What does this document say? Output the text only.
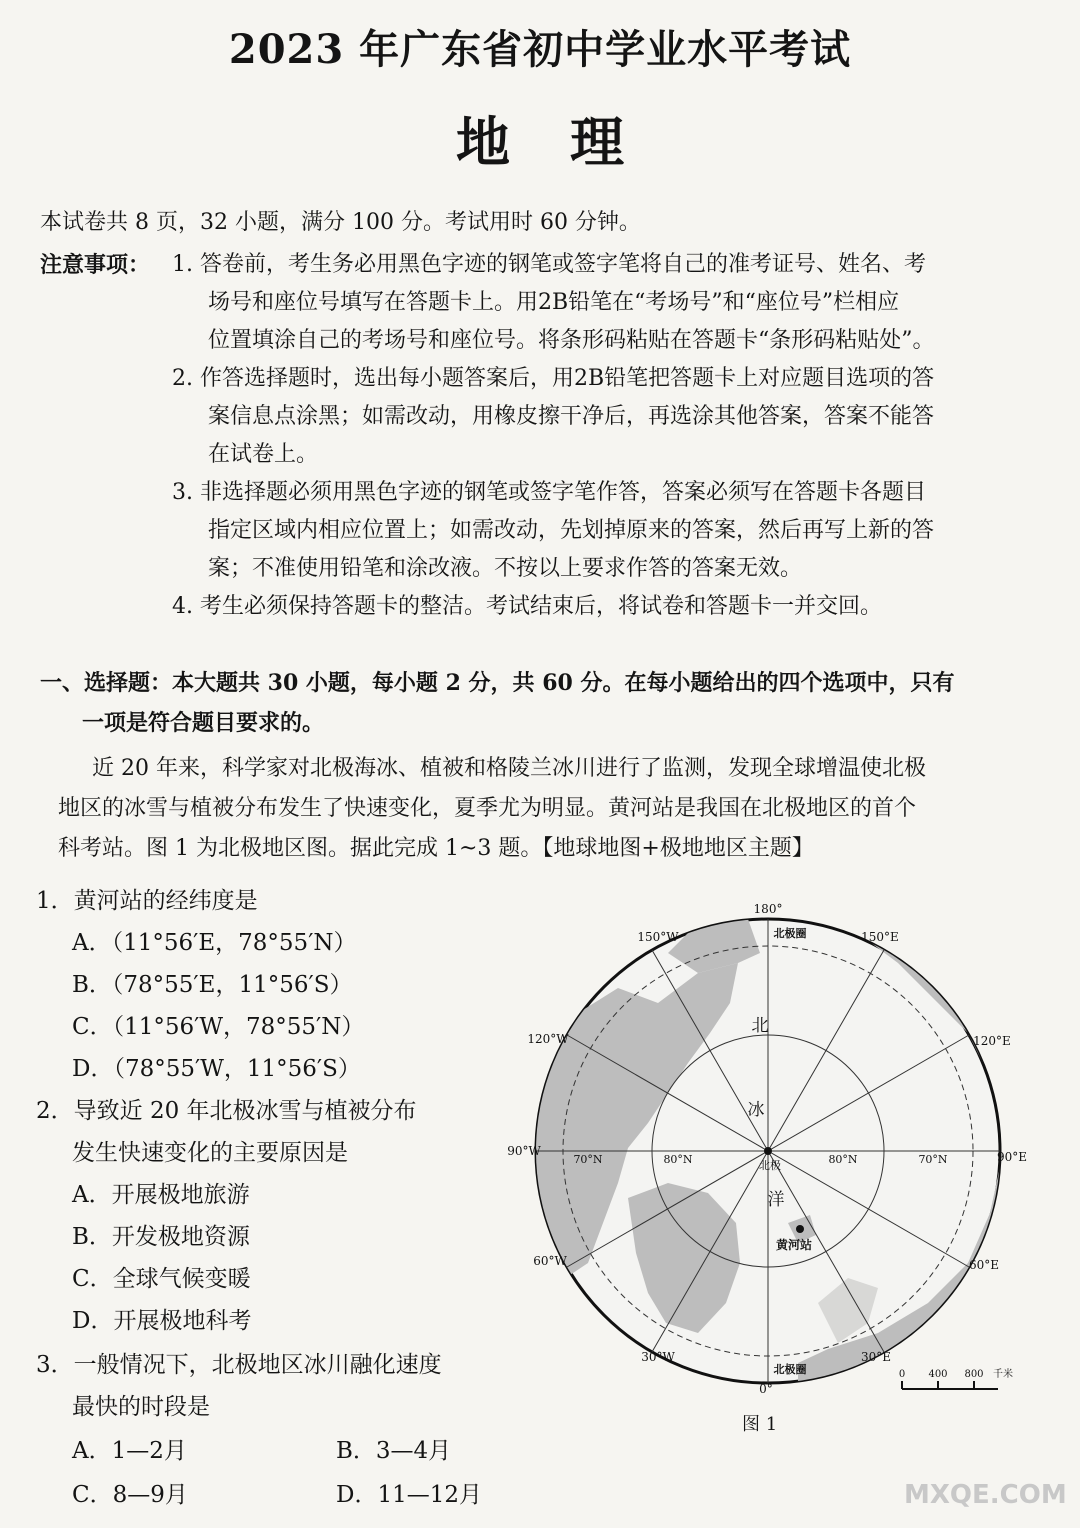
2023 年广东省初中学业水平考试
地理
本试卷共 8 页，32 小题，满分 100 分。考试用时 60 分钟。
注意事项： 1. 答卷前，考生务必用黑色字迹的钢笔或签字笔将自己的准考证号、姓名、考
场号和座位号填写在答题卡上。用2B铅笔在“考场号”和“座位号”栏相应
位置填涂自己的考场号和座位号。将条形码粘贴在答题卡“条形码粘贴处”。
2. 作答选择题时，选出每小题答案后，用2B铅笔把答题卡上对应题目选项的答
案信息点涂黑；如需改动，用橡皮擦干净后，再选涂其他答案，答案不能答
在试卷上。
3. 非选择题必须用黑色字迹的钢笔或签字笔作答，答案必须写在答题卡各题目
指定区域内相应位置上；如需改动，先划掉原来的答案，然后再写上新的答
案；不准使用铅笔和涂改液。不按以上要求作答的答案无效。
4. 考生必须保持答题卡的整洁。考试结束后，将试卷和答题卡一并交回。
一、选择题：本大题共 30 小题，每小题 2 分，共 60 分。在每小题给出的四个选项中，只有
一项是符合题目要求的。
近 20 年来，科学家对北极海冰、植被和格陵兰冰川进行了监测，发现全球增温使北极
地区的冰雪与植被分布发生了快速变化，夏季尤为明显。黄河站是我国在北极地区的首个
科考站。图 1 为北极地区图。据此完成 1~3 题。【地球地图+极地地区主题】
1．黄河站的经纬度是
A．（11°56′E，78°55′N）
B．（78°55′E，11°56′S）
C．（11°56′W，78°55′N）
D．（78°55′W，11°56′S）
2．导致近 20 年北极冰雪与植被分布
发生快速变化的主要原因是
A．开展极地旅游
B．开发极地资源
C．全球气候变暖
D．开展极地科考
3．一般情况下，北极地区冰川融化速度
最快的时段是
A．1—2月	B．3—4月
C．8—9月	D．11—12月
180°
150°W	150°E
120°W	120°E
90°W	90°E
60°W	60°E
30°W	30°E
0°
70°N	80°N	80°N	70°N
北极圈
北极圈
北极
北
冰
洋
黄河站
0 400 800 千米
图 1
MXQE.COM
